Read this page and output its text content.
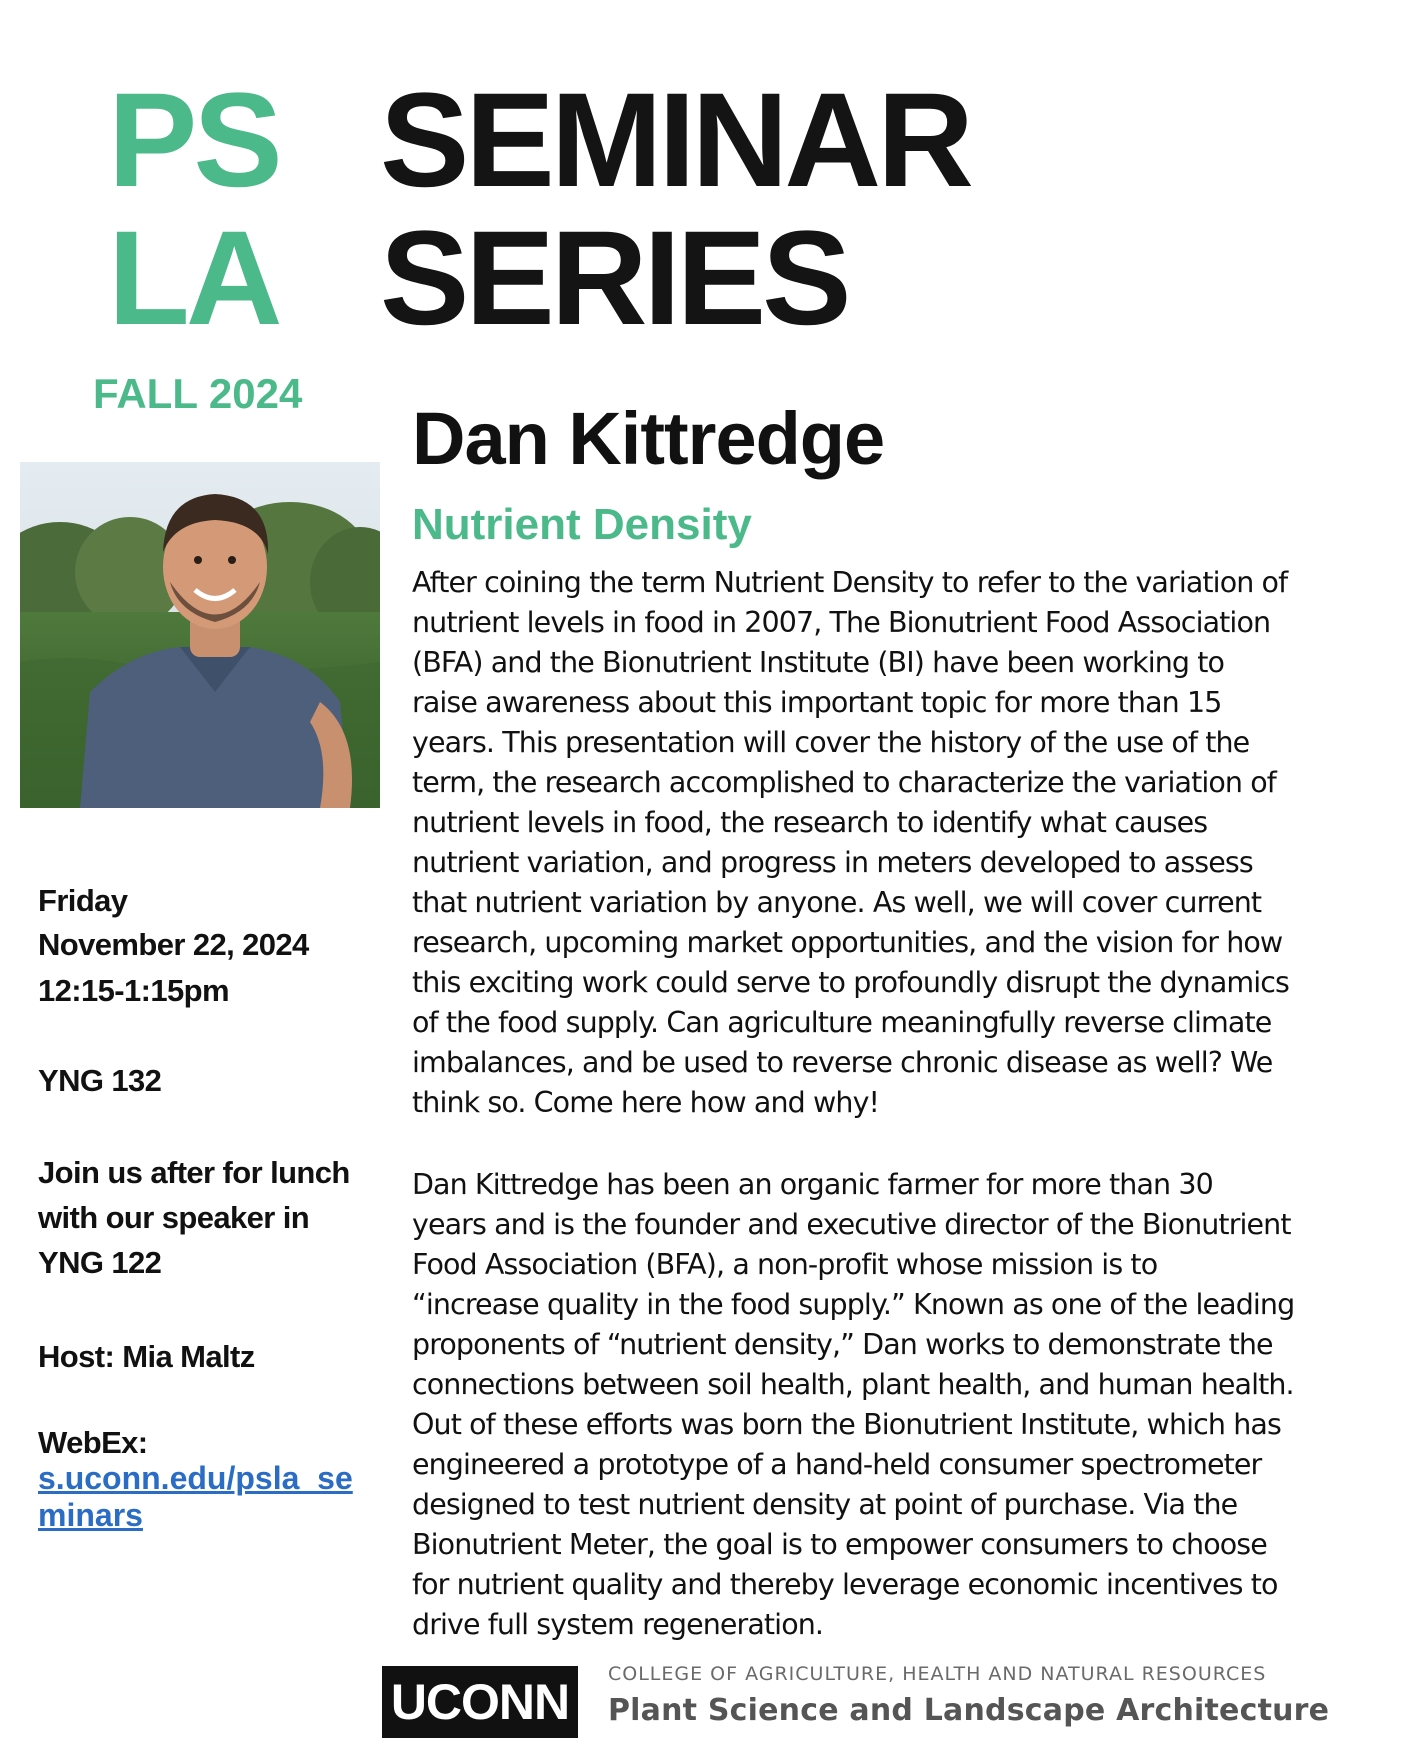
PS
LA
SEMINAR
SERIES
FALL 2024
Dan Kittredge
Nutrient Density
After coining the term Nutrient Density to refer to the variation of
nutrient levels in food in 2007, The Bionutrient Food Association
(BFA) and the Bionutrient Institute (BI) have been working to
raise awareness about this important topic for more than 15
years. This presentation will cover the history of the use of the
term, the research accomplished to characterize the variation of
nutrient levels in food, the research to identify what causes
nutrient variation, and progress in meters developed to assess
that nutrient variation by anyone. As well, we will cover current
research, upcoming market opportunities, and the vision for how
this exciting work could serve to profoundly disrupt the dynamics
of the food supply. Can agriculture meaningfully reverse climate
imbalances, and be used to reverse chronic disease as well? We
think so. Come here how and why!
Dan Kittredge has been an organic farmer for more than 30
years and is the founder and executive director of the Bionutrient
Food Association (BFA), a non-profit whose mission is to
“increase quality in the food supply.” Known as one of the leading
proponents of “nutrient density,” Dan works to demonstrate the
connections between soil health, plant health, and human health.
Out of these efforts was born the Bionutrient Institute, which has
engineered a prototype of a hand-held consumer spectrometer
designed to test nutrient density at point of purchase. Via the
Bionutrient Meter, the goal is to empower consumers to choose
for nutrient quality and thereby leverage economic incentives to
drive full system regeneration.
Friday
November 22, 2024
12:15-1:15pm
YNG 132
Join us after for lunch
with our speaker in
YNG 122
Host: Mia Maltz
WebEx:
s.uconn.edu/psla_seminars
UCONN	COLLEGE OF AGRICULTURE, HEALTH AND NATURAL RESOURCES
Plant Science and Landscape Architecture
